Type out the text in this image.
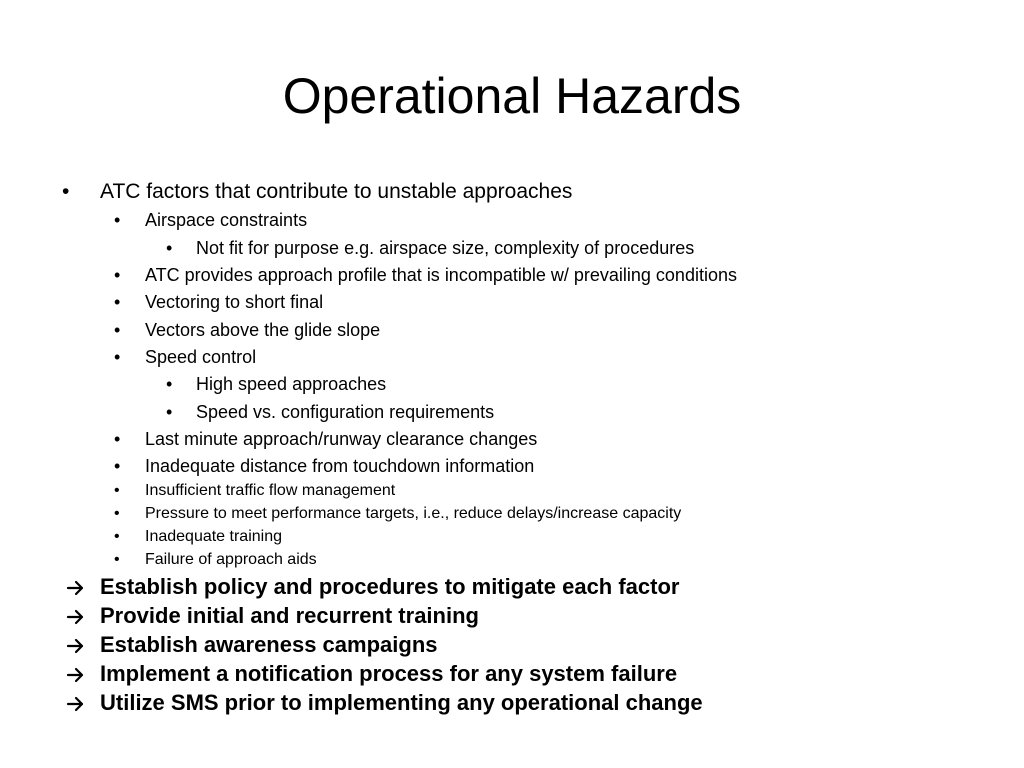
Operational Hazards
• ATC factors that contribute to unstable approaches
• Airspace constraints
• Not fit for purpose e.g. airspace size, complexity of procedures
• ATC provides approach profile that is incompatible w/ prevailing conditions
• Vectoring to short final
• Vectors above the glide slope
• Speed control
• High speed approaches
• Speed vs. configuration requirements
• Last minute approach/runway clearance changes
• Inadequate distance from touchdown information
• Insufficient traffic flow management
• Pressure to meet performance targets, i.e., reduce delays/increase capacity
• Inadequate training
• Failure of approach aids
Establish policy and procedures to mitigate each factor
Provide initial and recurrent training
Establish awareness campaigns
Implement a notification process for any system failure
Utilize SMS prior to implementing any operational change
